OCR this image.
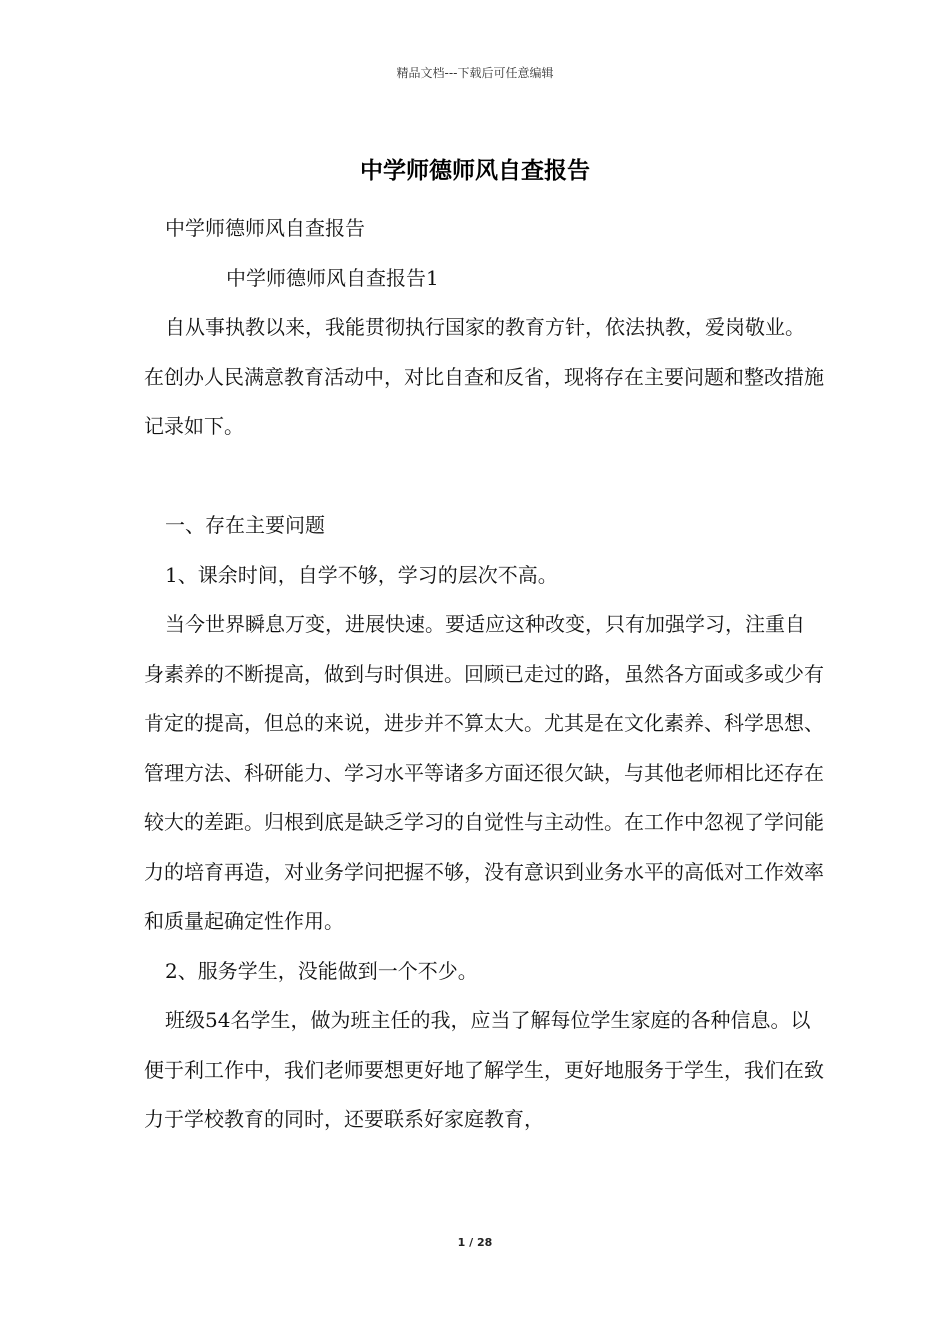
精品文档---下载后可任意编辑
中学师德师风自查报告

中学师德师风自查报告

中学师德师风自查报告1

自从事执教以来，我能贯彻执行国家的教育方针，依法执教，爱岗敬业。在创办人民满意教育活动中，对比自查和反省，现将存在主要问题和整改措施记录如下。

一、存在主要问题

1、课余时间，自学不够，学习的层次不高。

当今世界瞬息万变，进展快速。要适应这种改变，只有加强学习，注重自身素养的不断提高，做到与时俱进。回顾已走过的路，虽然各方面或多或少有肯定的提高，但总的来说，进步并不算太大。尤其是在文化素养、科学思想、管理方法、科研能力、学习水平等诸多方面还很欠缺，与其他老师相比还存在较大的差距。归根到底是缺乏学习的自觉性与主动性。在工作中忽视了学问能力的培育再造，对业务学问把握不够，没有意识到业务水平的高低对工作效率和质量起确定性作用。

2、服务学生，没能做到一个不少。

班级54名学生，做为班主任的我，应当了解每位学生家庭的各种信息。以便于利工作中，我们老师要想更好地了解学生，更好地服务于学生，我们在致力于学校教育的同时，还要联系好家庭教育，

1 / 28
